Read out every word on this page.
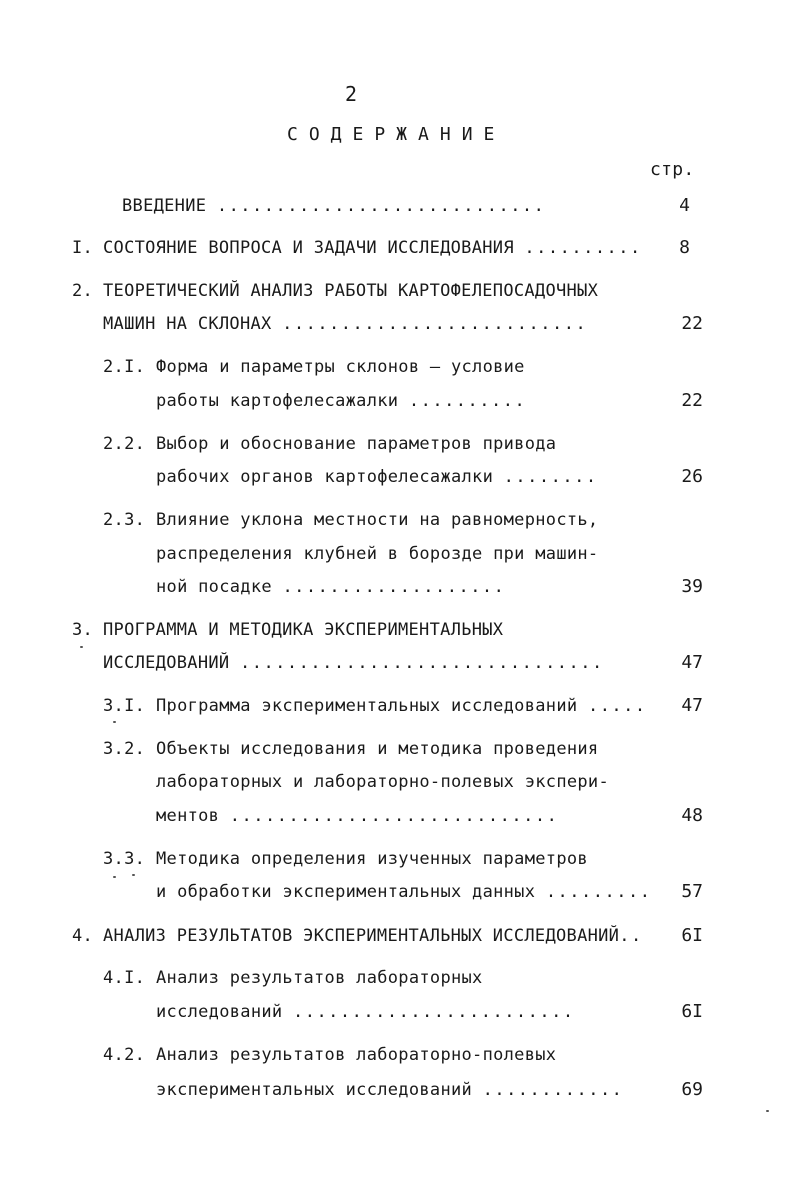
2
СОДЕРЖАНИЕ
стр.
ВВЕДЕНИЕ ............................	4
I. СОСТОЯНИЕ ВОПРОСА И ЗАДАЧИ ИССЛЕДОВАНИЯ ..........	8
2. ТЕОРЕТИЧЕСКИЙ АНАЛИЗ РАБОТЫ КАРТОФЕЛЕПОСАДОЧНЫХ
МАШИН НА СКЛОНАХ ..........................	22
2.I. Форма и параметры склонов – условие
работы картофелесажалки ..........	22
2.2. Выбор и обоснование параметров привода
рабочих органов картофелесажалки ........	26
2.3. Влияние уклона местности на равномерность,
распределения клубней в борозде при машин-
ной посадке ...................	39
3. ПРОГРАММА И МЕТОДИКА ЭКСПЕРИМЕНТАЛЬНЫХ
ИССЛЕДОВАНИЙ ...............................	47
3.I. Программа экспериментальных исследований .....	47
3.2. Объекты исследования и методика проведения
лабораторных и лабораторно-полевых экспери-
ментов ............................	48
3.3. Методика определения изученных параметров
и обработки экспериментальных данных .........	57
4. АНАЛИЗ РЕЗУЛЬТАТОВ ЭКСПЕРИМЕНТАЛЬНЫХ ИССЛЕДОВАНИЙ..	6I
4.I. Анализ результатов лабораторных
исследований ........................	6I
4.2. Анализ результатов лабораторно-полевых
экспериментальных исследований ............	69
